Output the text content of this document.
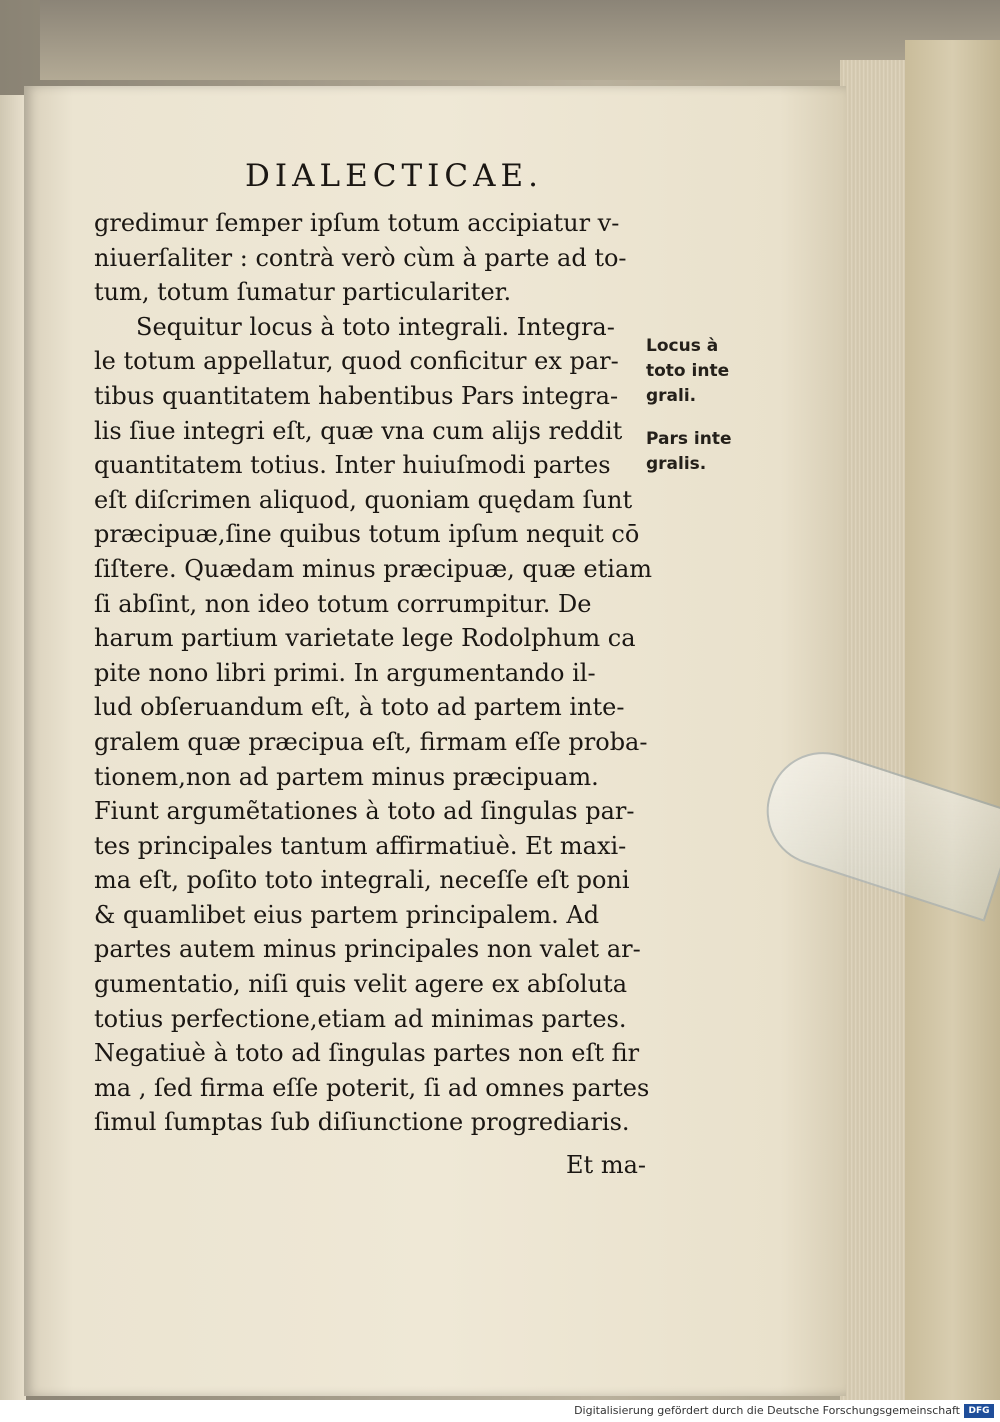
DIALECTICAE.
gredimur ſemper ipſum totum accipiatur v-
niuerſaliter : contrà verò cùm à parte ad to-
tum, totum ſumatur particulariter.
Sequitur locus à toto integrali. Integra-
le totum appellatur, quod conficitur ex par-
tibus quantitatem habentibus Pars integra-
lis ſiue integri eſt, quæ vna cum alijs reddit
quantitatem totius. Inter huiuſmodi partes
eſt diſcrimen aliquod, quoniam quędam ſunt
præcipuæ,ſine quibus totum ipſum nequit cō
ſiſtere. Quædam minus præcipuæ, quæ etiam
ſi abſint, non ideo totum corrumpitur. De
harum partium varietate lege Rodolphum ca
pite nono libri primi. In argumentando il-
lud obſeruandum eſt, à toto ad partem inte-
gralem quæ præcipua eſt, firmam eſſe proba-
tionem,non ad partem minus præcipuam.
Fiunt argumẽtationes à toto ad ſingulas par-
tes principales tantum affirmatiuè. Et maxi-
ma eſt, poſito toto integrali, neceſſe eſt poni
& quamlibet eius partem principalem. Ad
partes autem minus principales non valet ar-
gumentatio, niſi quis velit agere ex abſoluta
totius perfectione,etiam ad minimas partes.
Negatiuè à toto ad ſingulas partes non eſt fir
ma , ſed firma eſſe poterit, ſi ad omnes partes
ſimul ſumptas ſub diſiunctione progrediaris.
Et ma-
Locus à
toto inte
grali.
Pars inte
gralis.
Digitalisierung gefördert durch die Deutsche Forschungsgemeinschaft DFG
